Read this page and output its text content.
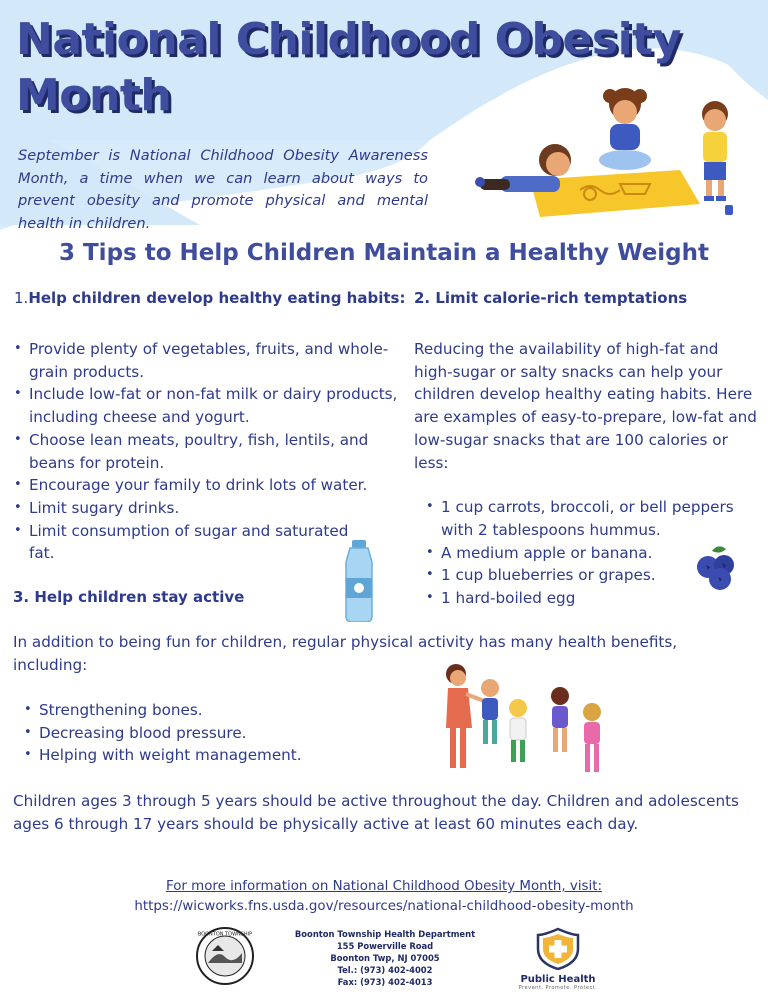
National Childhood Obesity
Month
September is National Childhood Obesity Awareness Month, a time when we can learn about ways to prevent obesity and promote physical and mental health in children.
3 Tips to Help Children Maintain a Healthy Weight
1.Help children develop healthy eating habits:
• Provide plenty of vegetables, fruits, and whole-grain products.
• Include low-fat or non-fat milk or dairy products, including cheese and yogurt.
• Choose lean meats, poultry, fish, lentils, and beans for protein.
• Encourage your family to drink lots of water.
• Limit sugary drinks.
• Limit consumption of sugar and saturated fat.
2. Limit calorie-rich temptations
Reducing the availability of high-fat and high-sugar or salty snacks can help your children develop healthy eating habits. Here are examples of easy-to-prepare, low-fat and low-sugar snacks that are 100 calories or less:
• 1 cup carrots, broccoli, or bell peppers with 2 tablespoons hummus.
• A medium apple or banana.
• 1 cup blueberries or grapes.
• 1 hard-boiled egg
3. Help children stay active
In addition to being fun for children, regular physical activity has many health benefits, including:
• Strengthening bones.
• Decreasing blood pressure.
• Helping with weight management.
Children ages 3 through 5 years should be active throughout the day. Children and adolescents ages 6 through 17 years should be physically active at least 60 minutes each day.
For more information on National Childhood Obesity Month, visit:
https://wicworks.fns.usda.gov/resources/national-childhood-obesity-month
BOONTON TOWNSHIP	Boonton Township Health Department
155 Powerville Road
Boonton Twp, NJ 07005
Tel.: (973) 402-4002
Fax: (973) 402-4013	Public Health
Prevent. Promote. Protect.
